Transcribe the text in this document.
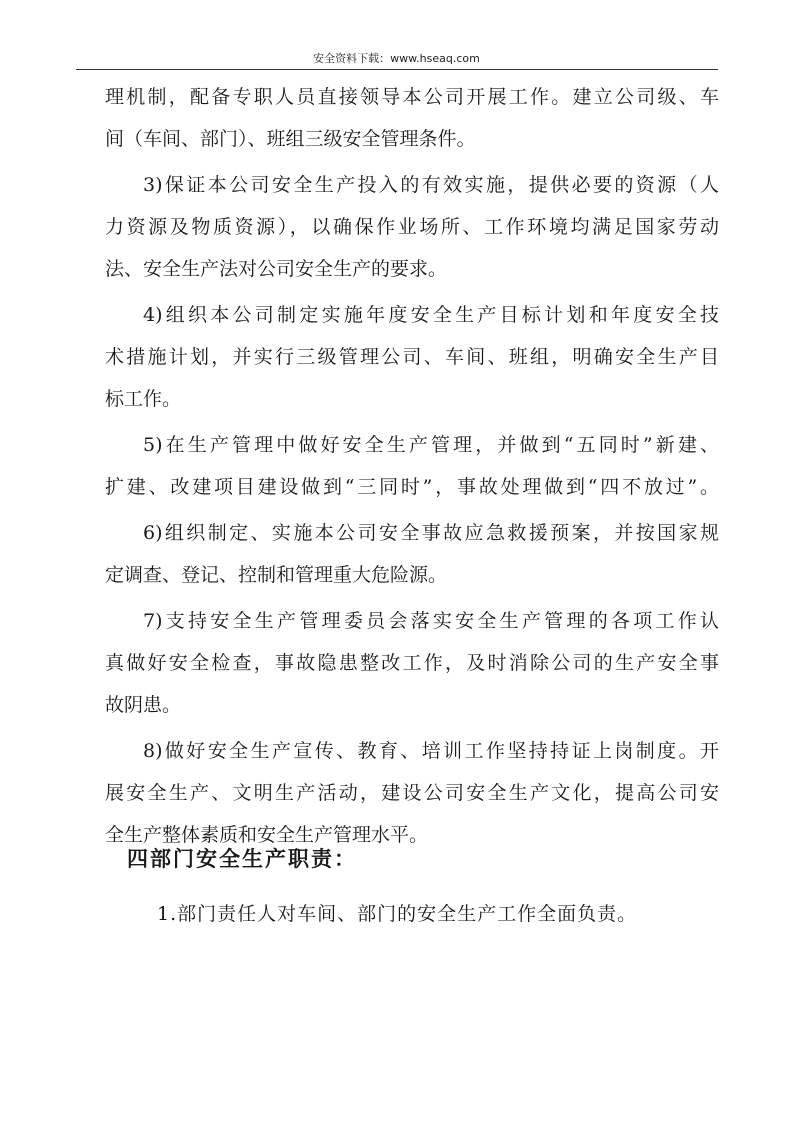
安全资料下载：www.hseaq.com
理机制，配备专职人员直接领导本公司开展工作。建立公司级、车
间（车间、部门）、班组三级安全管理条件。
3)保证本公司安全生产投入的有效实施，提供必要的资源（人
力资源及物质资源），以确保作业场所、工作环境均满足国家劳动
法、安全生产法对公司安全生产的要求。
4)组织本公司制定实施年度安全生产目标计划和年度安全技
术措施计划，并实行三级管理公司、车间、班组，明确安全生产目
标工作。
5)在生产管理中做好安全生产管理，并做到“五同时”新建、
扩建、改建项目建设做到“三同时”，事故处理做到“四不放过”。
6)组织制定、实施本公司安全事故应急救援预案，并按国家规
定调查、登记、控制和管理重大危险源。
7)支持安全生产管理委员会落实安全生产管理的各项工作认
真做好安全检查，事故隐患整改工作，及时消除公司的生产安全事
故阴患。
8)做好安全生产宣传、教育、培训工作坚持持证上岗制度。开
展安全生产、文明生产活动，建设公司安全生产文化，提高公司安
全生产整体素质和安全生产管理水平。
四部门安全生产职责：
1.部门责任人对车间、部门的安全生产工作全面负责。
